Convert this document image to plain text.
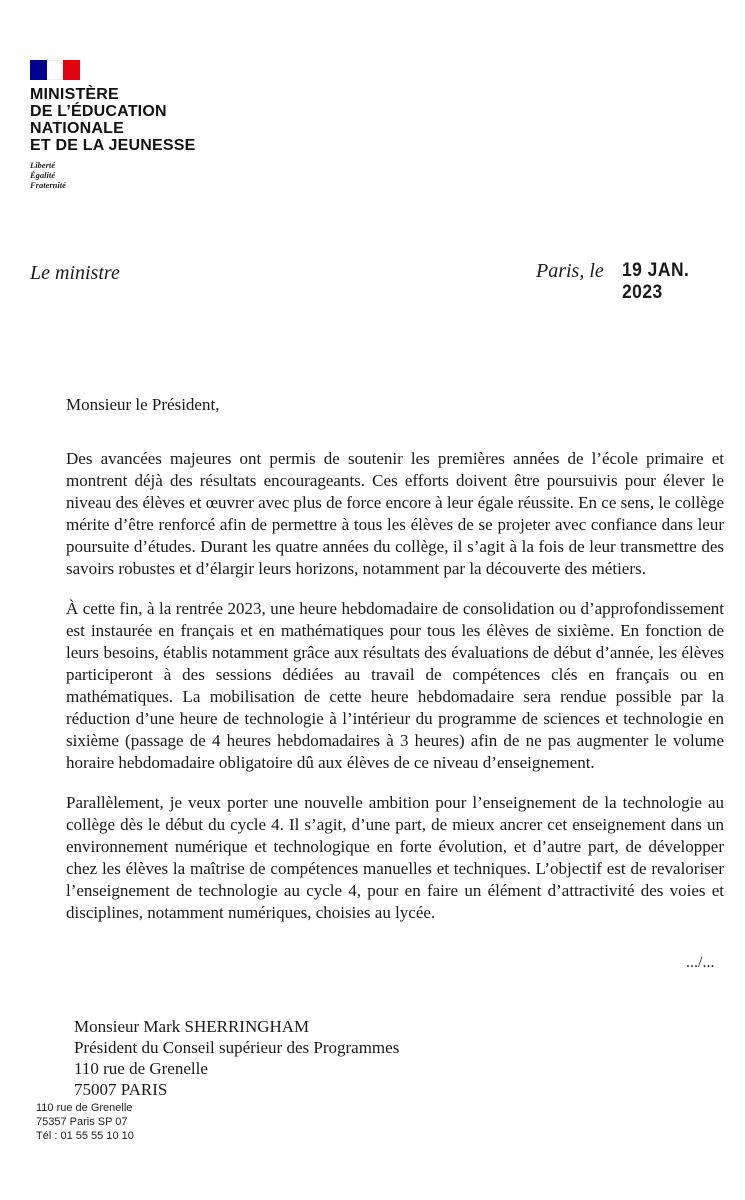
MINISTÈRE
DE L’ÉDUCATION
NATIONALE
ET DE LA JEUNESSE
Liberté
Égalité
Fraternité
Le ministre	Paris, le 19 JAN. 2023
Monsieur le Président,

Des avancées majeures ont permis de soutenir les premières années de l’école primaire et montrent déjà des résultats encourageants. Ces efforts doivent être poursuivis pour élever le niveau des élèves et œuvrer avec plus de force encore à leur égale réussite. En ce sens, le collège mérite d’être renforcé afin de permettre à tous les élèves de se projeter avec confiance dans leur poursuite d’études. Durant les quatre années du collège, il s’agit à la fois de leur transmettre des savoirs robustes et d’élargir leurs horizons, notamment par la découverte des métiers.

À cette fin, à la rentrée 2023, une heure hebdomadaire de consolidation ou d’approfondissement est instaurée en français et en mathématiques pour tous les élèves de sixième. En fonction de leurs besoins, établis notamment grâce aux résultats des évaluations de début d’année, les élèves participeront à des sessions dédiées au travail de compétences clés en français ou en mathématiques. La mobilisation de cette heure hebdomadaire sera rendue possible par la réduction d’une heure de technologie à l’intérieur du programme de sciences et technologie en sixième (passage de 4 heures hebdomadaires à 3 heures) afin de ne pas augmenter le volume horaire hebdomadaire obligatoire dû aux élèves de ce niveau d’enseignement.

Parallèlement, je veux porter une nouvelle ambition pour l’enseignement de la technologie au collège dès le début du cycle 4. Il s’agit, d’une part, de mieux ancrer cet enseignement dans un environnement numérique et technologique en forte évolution, et d’autre part, de développer chez les élèves la maîtrise de compétences manuelles et techniques. L’objectif est de revaloriser l’enseignement de technologie au cycle 4, pour en faire un élément d’attractivité des voies et disciplines, notamment numériques, choisies au lycée.

.../...
Monsieur Mark SHERRINGHAM
Président du Conseil supérieur des Programmes
110 rue de Grenelle
75007 PARIS
110 rue de Grenelle
75357 Paris SP 07
Tél : 01 55 55 10 10
